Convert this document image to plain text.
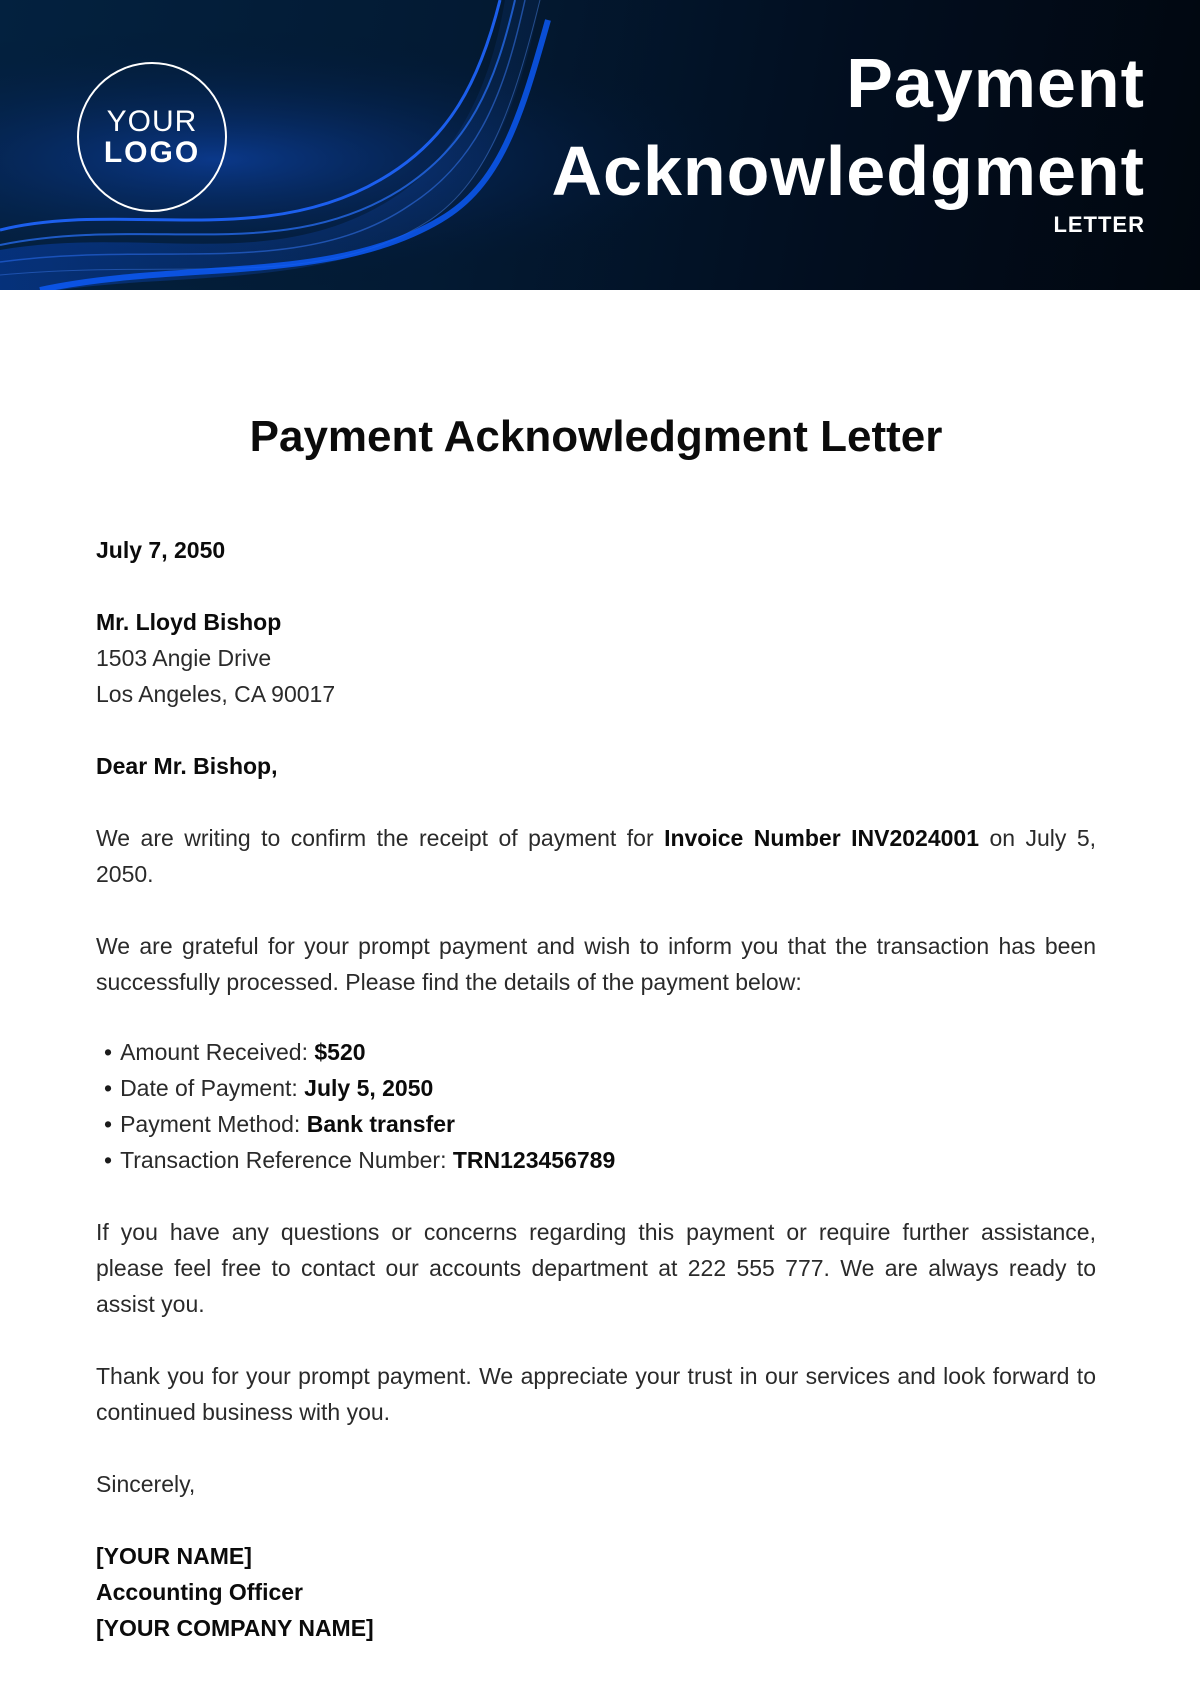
YOUR
LOGO
Payment
Acknowledgment
LETTER
Payment Acknowledgment Letter

July 7, 2050

Mr. Lloyd Bishop

1503 Angie Drive

Los Angeles, CA 90017

Dear Mr. Bishop,

We are writing to confirm the receipt of payment for Invoice Number INV2024001 on July 5, 2050.

We are grateful for your prompt payment and wish to inform you that the transaction has been successfully processed. Please find the details of the payment below:

• Amount Received: $520
• Date of Payment: July 5, 2050
• Payment Method: Bank transfer
• Transaction Reference Number: TRN123456789

If you have any questions or concerns regarding this payment or require further assistance, please feel free to contact our accounts department at 222 555 777. We are always ready to assist you.

Thank you for your prompt payment. We appreciate your trust in our services and look forward to continued business with you.

Sincerely,

[YOUR NAME]

Accounting Officer

[YOUR COMPANY NAME]
